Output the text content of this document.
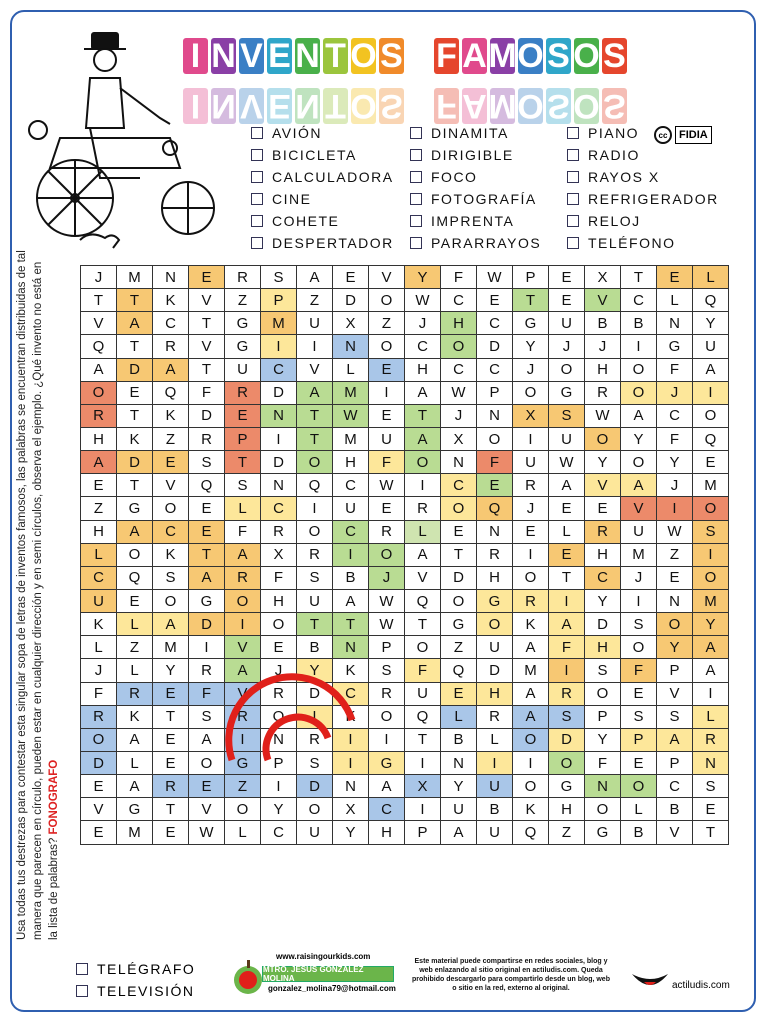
I N V E N T O S F A M O S O S
I N V E N T O S F A M O S O S
AVIÓN
BICICLETA
CALCULADORA
CINE
COHETE
DESPERTADOR
DINAMITA
DIRIGIBLE
FOCO
FOTOGRAFÍA
IMPRENTA
PARARRAYOS
PIANO
RADIO
RAYOS X
REFRIGERADOR
RELOJ
TELÉFONO
cc	FIDIA
Usa todas tus destrezas para contestar esta singular sopa de letras de inventos famosos, las palabras se encuentran distribuidas de tal manera que parecen en círculo, pueden estar en cualquier dirección y en semi círculos, observa el ejemplo. ¿Qué invento no está en la lista de palabras? FONOGRAFO
J	M	N	E	R	S	A	E	V	Y	F	W	P	E	X	T	E	L
T	T	K	V	Z	P	Z	D	O	W	C	E	T	E	V	C	L	Q
V	A	C	T	G	M	U	X	Z	J	H	C	G	U	B	B	N	Y
Q	T	R	V	G	I	I	N	O	C	O	D	Y	J	J	I	G	U
A	D	A	T	U	C	V	L	E	H	C	C	J	O	H	O	F	A
O	E	Q	F	R	D	A	M	I	A	W	P	O	G	R	O	J	I
R	T	K	D	E	N	T	W	E	T	J	N	X	S	W	A	C	O
H	K	Z	R	P	I	T	M	U	A	X	O	I	U	O	Y	F	Q
A	D	E	S	T	D	O	H	F	O	N	F	U	W	Y	O	Y	E
E	T	V	Q	S	N	Q	C	W	I	C	E	R	A	V	A	J	M
Z	G	O	E	L	C	I	U	E	R	O	Q	J	E	E	V	I	O
H	A	C	E	F	R	O	C	R	L	E	N	E	L	R	U	W	S
L	O	K	T	A	X	R	I	O	A	T	R	I	E	H	M	Z	I
C	Q	S	A	R	F	S	B	J	V	D	H	O	T	C	J	E	O
U	E	O	G	O	H	U	A	W	Q	O	G	R	I	Y	I	N	M
K	L	A	D	I	O	T	T	W	T	G	O	K	A	D	S	O	Y
L	Z	M	I	V	E	B	N	P	O	Z	U	A	F	H	O	Y	A
J	L	Y	R	A	J	Y	K	S	F	Q	D	M	I	S	F	P	A
F	R	E	F	V	R	D	C	R	U	E	H	A	R	O	E	V	I
R	K	T	S	R	O	I	K	O	Q	L	R	A	S	P	S	S	L
O	A	E	A	I	N	R	I	I	T	B	L	O	D	Y	P	A	R
D	L	E	O	G	P	S	I	G	I	N	I	I	O	F	E	P	N
E	A	R	E	Z	I	D	N	A	X	Y	U	O	G	N	O	C	S
V	G	T	V	O	Y	O	X	C	I	U	B	K	H	O	L	B	E
E	M	E	W	L	C	U	Y	H	P	A	U	Q	Z	G	B	V	T
TELÉGRAFO
TELEVISIÓN
www.raisingourkids.com
MTRO. JESÚS GONZÁLEZ MOLINA
gonzalez_molina79@hotmail.com
Este material puede compartirse en redes sociales, blog y web enlazando al sitio original en actiludis.com. Queda prohibido descargarlo para compartirlo desde un blog, web o sitio en la red, externo al original.	actiludis.com
